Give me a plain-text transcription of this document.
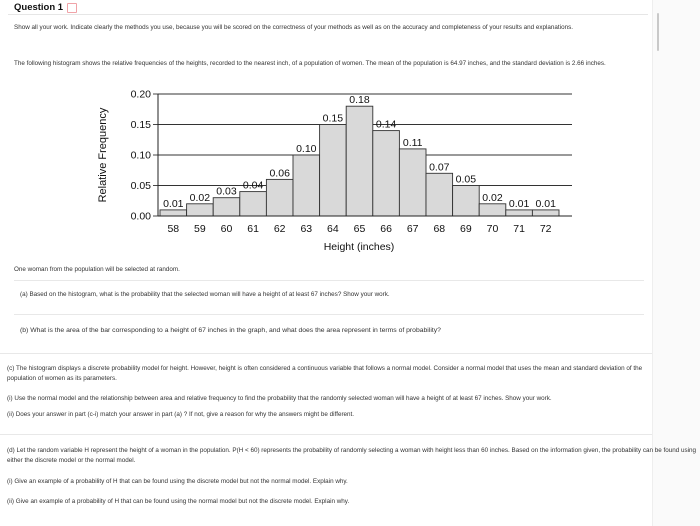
Question 1
Show all your work. Indicate clearly the methods you use, because you will be scored on the correctness of your methods as well as on the accuracy and completeness of your results and explanations.
The following histogram shows the relative frequencies of the heights, recorded to the nearest inch, of a population of women. The mean of the population is 64.97 inches, and the standard deviation is 2.66 inches.
0.00
0.05
0.10
0.15
0.20
0.01
58
0.02
59
0.03
60
0.04
61
0.06
62
0.10
63
0.15
64
0.18
65
0.14
66
0.11
67
0.07
68
0.05
69
0.02
70
0.01
71
0.01
72
Relative Frequency
Height (inches)
One woman from the population will be selected at random.
(a) Based on the histogram, what is the probability that the selected woman will have a height of at least 67 inches? Show your work.
(b) What is the area of the bar corresponding to a height of 67 inches in the graph, and what does the area represent in terms of probability?
(c) The histogram displays a discrete probability model for height. However, height is often considered a continuous variable that follows a normal model. Consider a normal model that uses the mean and standard deviation of the population of women as its parameters.
(i) Use the normal model and the relationship between area and relative frequency to find the probability that the randomly selected woman will have a height of at least 67 inches. Show your work.
(ii) Does your answer in part (c-i) match your answer in part (a) ? If not, give a reason for why the answers might be different.
(d) Let the random variable H represent the height of a woman in the population. P(H < 60) represents the probability of randomly selecting a woman with height less than 60 inches. Based on the information given, the probability can be found using either the discrete model or the normal model.
(i) Give an example of a probability of H that can be found using the discrete model but not the normal model. Explain why.
(ii) Give an example of a probability of H that can be found using the normal model but not the discrete model. Explain why.
